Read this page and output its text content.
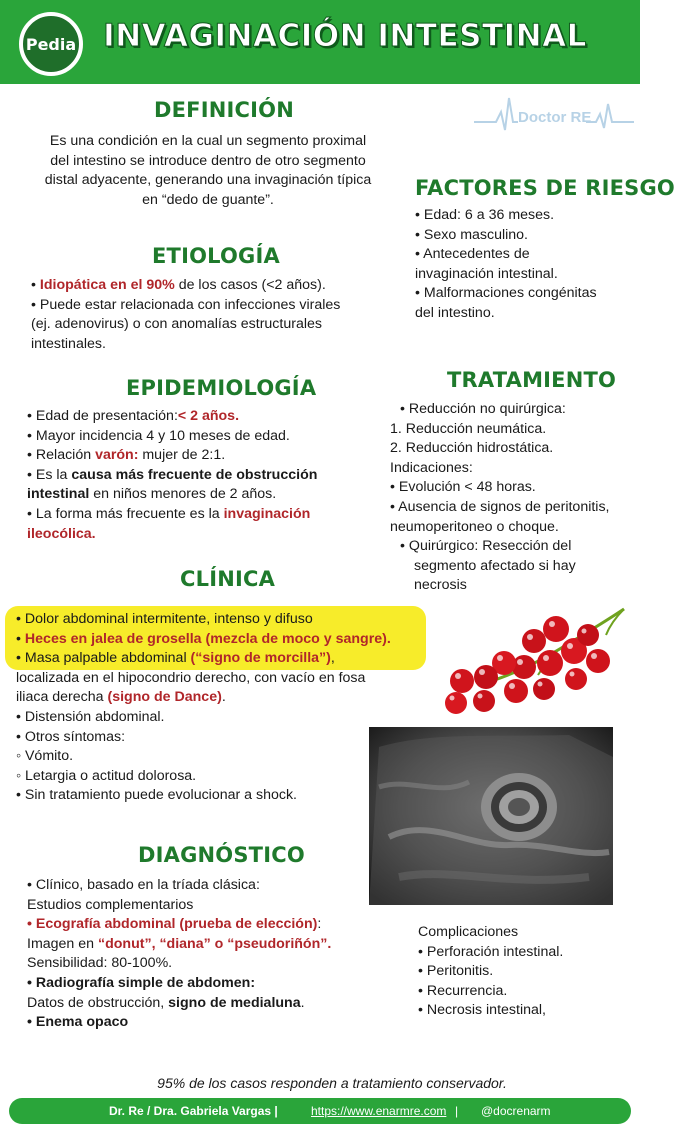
Pedia INVAGINACIÓN INTESTINAL
Doctor RE
DEFINICIÓN

Es una condición en la cual un segmento proximal

del intestino se introduce dentro de otro segmento

distal adyacente, generando una invaginación típica

en “dedo de guante”.	FACTORES DE RIESGO

• Edad: 6 a 36 meses.

• Sexo masculino.

• Antecedentes de

invaginación intestinal.

• Malformaciones congénitas

del intestino.

ETIOLOGÍA

• Idiopática en el 90% de los casos (<2 años).

• Puede estar relacionada con infecciones virales

(ej. adenovirus) o con anomalías estructurales

intestinales.

TRATAMIENTO

• Reducción no quirúrgica:

1. Reducción neumática.

2. Reducción hidrostática.

Indicaciones:

• Evolución < 48 horas.

• Ausencia de signos de peritonitis,

neumoperitoneo o choque.

• Quirúrgico: Resección del

segmento afectado si hay

necrosis

EPIDEMIOLOGÍA

• Edad de presentación:< 2 años.

• Mayor incidencia 4 y 10 meses de edad.

• Relación varón: mujer de 2:1.

• Es la causa más frecuente de obstrucción

intestinal en niños menores de 2 años.

• La forma más frecuente es la invaginación

ileocólica.

CLÍNICA

• Dolor abdominal intermitente, intenso y difuso

• Heces en jalea de grosella (mezcla de moco y sangre).

• Masa palpable abdominal (“signo de morcilla”),

localizada en el hipocondrio derecho, con vacío en fosa

iliaca derecha (signo de Dance).

• Distensión abdominal.

• Otros síntomas:

◦ Vómito.

◦ Letargia o actitud dolorosa.

• Sin tratamiento puede evolucionar a shock.

DIAGNÓSTICO

• Clínico, basado en la tríada clásica:

Estudios complementarios

• Ecografía abdominal (prueba de elección):

Imagen en “donut”, “diana” o “pseudoriñón”.

Sensibilidad: 80-100%.

• Radiografía simple de abdomen:

Datos de obstrucción, signo de medialuna.

• Enema opaco

Complicaciones

• Perforación intestinal.

• Peritonitis.

• Recurrencia.

• Necrosis intestinal,

95% de los casos responden a tratamiento conservador.
Dr. Re / Dra. Gabriela Vargas |	https://www.enarmre.com | @docrenarm
